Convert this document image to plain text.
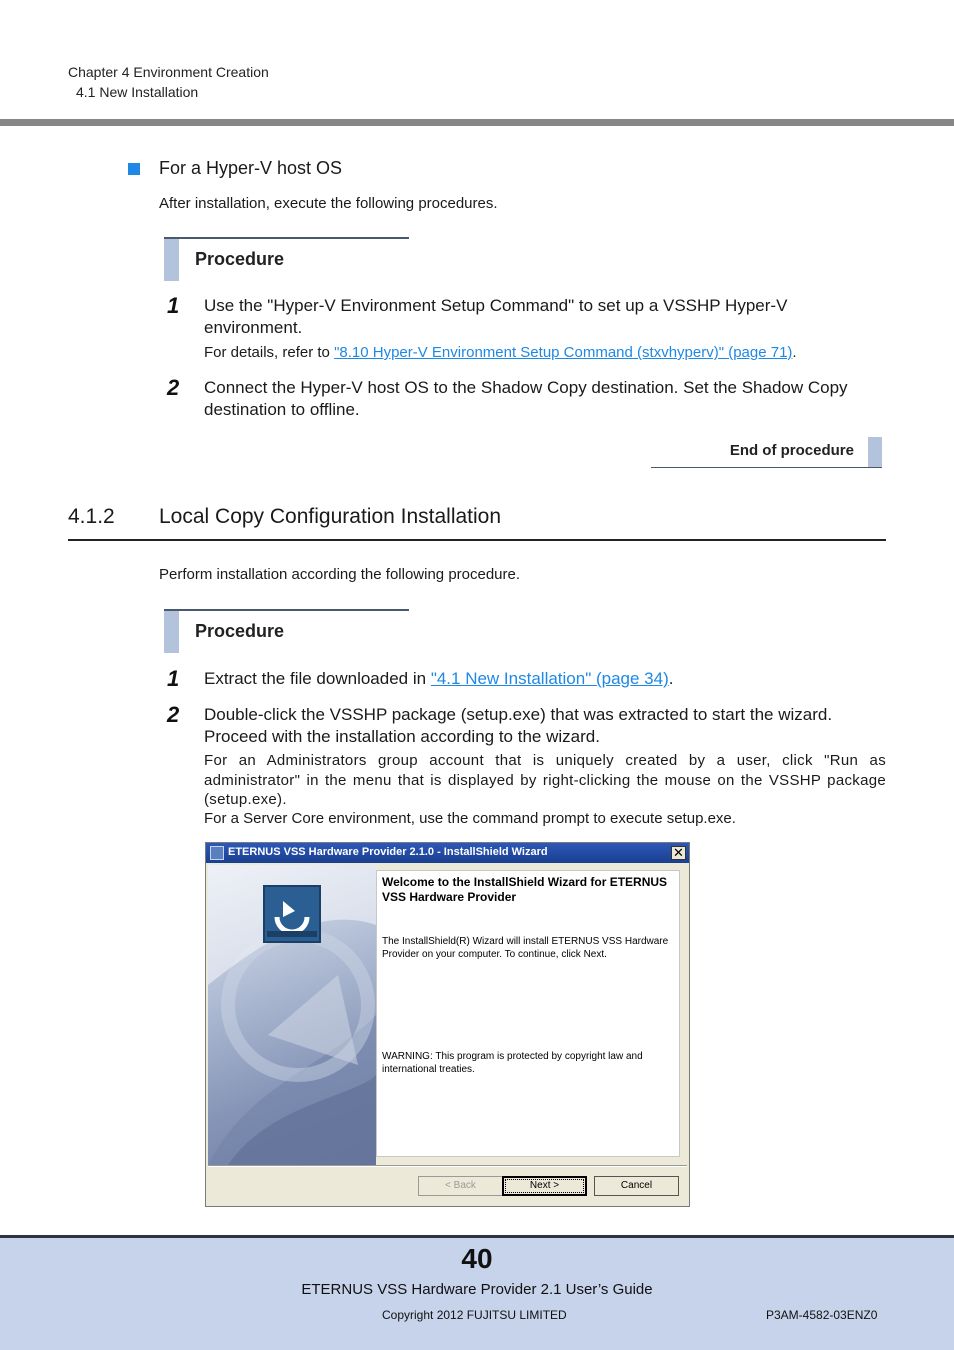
Chapter 4 Environment Creation
4.1 New Installation
For a Hyper-V host OS
After installation, execute the following procedures.
Procedure
1 Use the "Hyper-V Environment Setup Command" to set up a VSSHP Hyper-V environment.
For details, refer to "8.10 Hyper-V Environment Setup Command (stxvhyperv)" (page 71).
2 Connect the Hyper-V host OS to the Shadow Copy destination. Set the Shadow Copy destination to offline.
End of procedure
4.1.2 Local Copy Configuration Installation
Perform installation according the following procedure.
Procedure
1 Extract the file downloaded in "4.1 New Installation" (page 34).
2 Double-click the VSSHP package (setup.exe) that was extracted to start the wizard. Proceed with the installation according to the wizard.
For an Administrators group account that is uniquely created by a user, click "Run as administrator" in the menu that is displayed by right-clicking the mouse on the VSSHP package (setup.exe).
For a Server Core environment, use the command prompt to execute setup.exe.
ETERNUS VSS Hardware Provider 2.1.0 - InstallShield Wizard	✕
Welcome to the InstallShield Wizard for ETERNUS VSS Hardware Provider
The InstallShield(R) Wizard will install ETERNUS VSS Hardware Provider on your computer. To continue, click Next.
WARNING: This program is protected by copyright law and international treaties.
< Back	Next >	Cancel
40
ETERNUS VSS Hardware Provider 2.1 User’s Guide
Copyright 2012 FUJITSU LIMITED	P3AM-4582-03ENZ0
